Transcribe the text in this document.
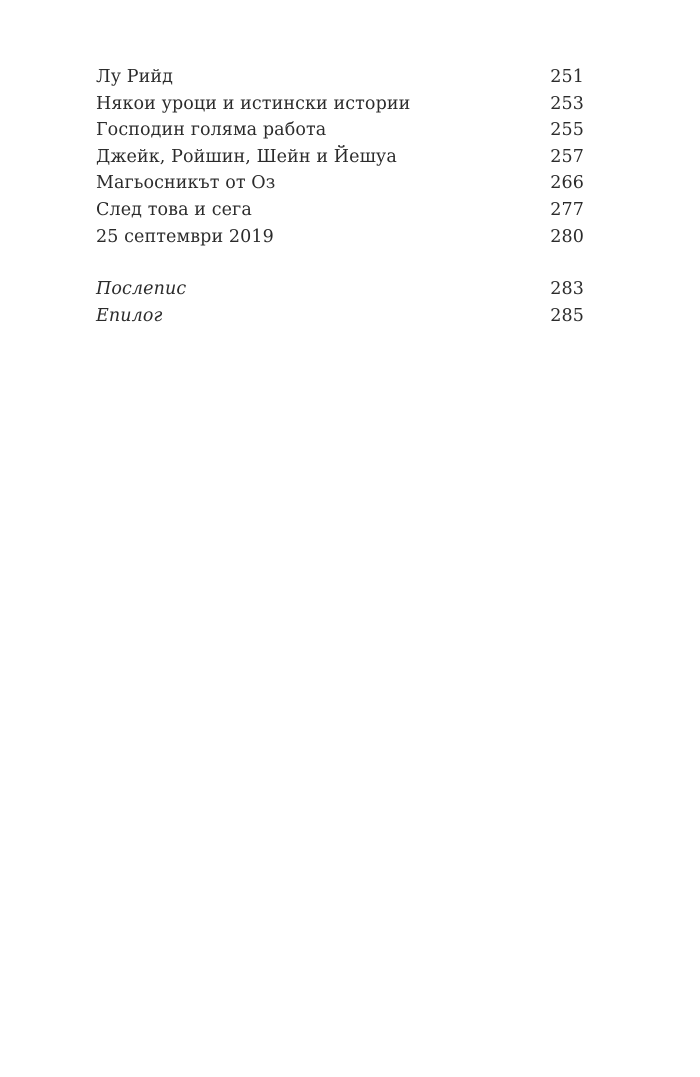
Лу Рийд	251
Някои уроци и истински истории	253
Господин голяма работа	255
Джейк, Ройшин, Шейн и Йешуа	257
Магьосникът от Оз	266
След това и сега	277
25 септември 2019	280
Послепис	283
Епилог	285
